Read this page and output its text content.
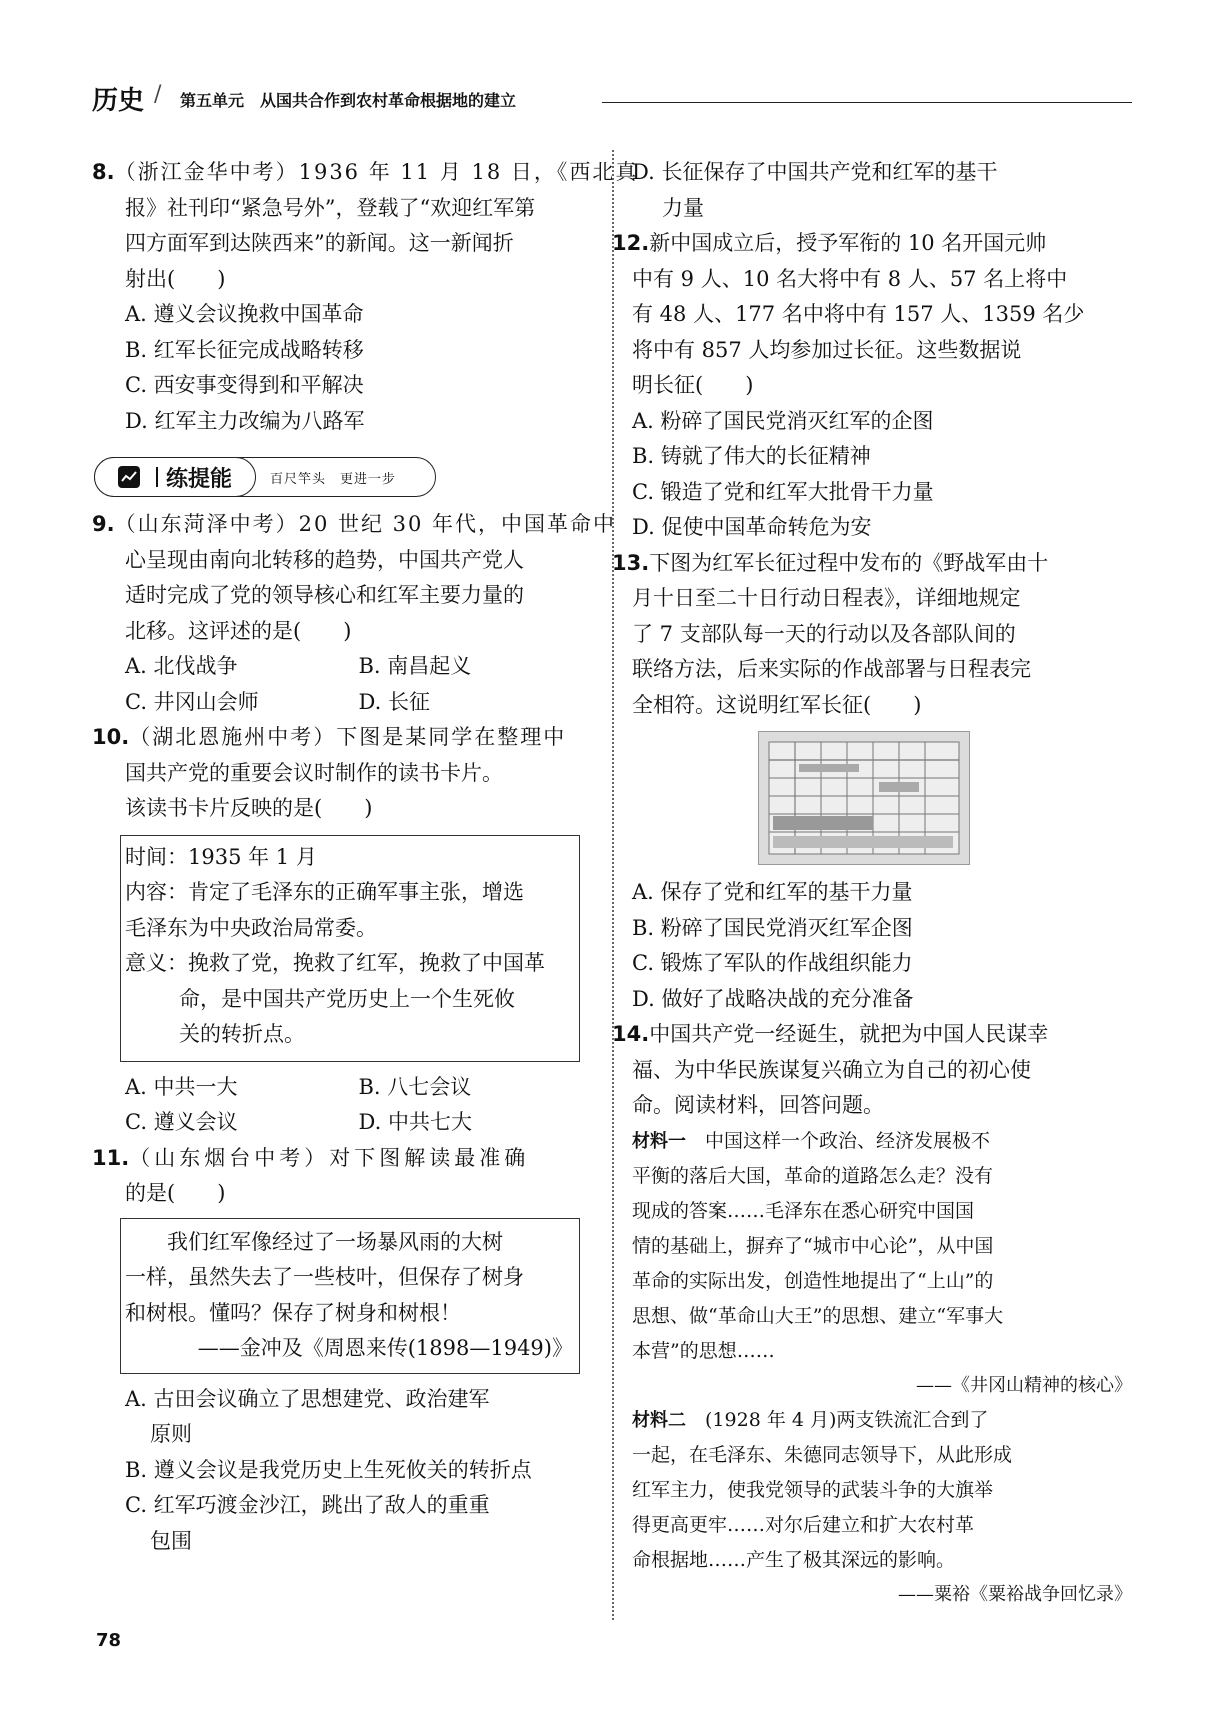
历史 / 第五单元 从国共合作到农村革命根据地的建立
8.（浙江金华中考）1936 年 11 月 18 日，《西北真
报》社刊印“紧急号外”，登载了“欢迎红军第
四方面军到达陕西来”的新闻。这一新闻折
射出(　　)
A. 遵义会议挽救中国革命
B. 红军长征完成战略转移
C. 西安事变得到和平解决
D. 红军主力改编为八路军
练提能	百尺竿头　更进一步
9.（山东菏泽中考）20 世纪 30 年代，中国革命中
心呈现由南向北转移的趋势，中国共产党人
适时完成了党的领导核心和红军主要力量的
北移。这评述的是(　　)
A. 北伐战争	B. 南昌起义
C. 井冈山会师	D. 长征
10.（湖北恩施州中考）下图是某同学在整理中
国共产党的重要会议时制作的读书卡片。
该读书卡片反映的是(　　)
时间：1935 年 1 月
内容：肯定了毛泽东的正确军事主张，增选
毛泽东为中央政治局常委。
意义：挽救了党，挽救了红军，挽救了中国革
命，是中国共产党历史上一个生死攸
关的转折点。
A. 中共一大	B. 八七会议
C. 遵义会议	D. 中共七大
11.（山东烟台中考）对下图解读最准确
的是(　　)
我们红军像经过了一场暴风雨的大树
一样，虽然失去了一些枝叶，但保存了树身
和树根。懂吗？保存了树身和树根！
——金冲及《周恩来传(1898—1949)》
A. 古田会议确立了思想建党、政治建军
原则
B. 遵义会议是我党历史上生死攸关的转折点
C. 红军巧渡金沙江，跳出了敌人的重重
包围
D. 长征保存了中国共产党和红军的基干
力量
12.新中国成立后，授予军衔的 10 名开国元帅
中有 9 人、10 名大将中有 8 人、57 名上将中
有 48 人、177 名中将中有 157 人、1359 名少
将中有 857 人均参加过长征。这些数据说
明长征(　　)
A. 粉碎了国民党消灭红军的企图
B. 铸就了伟大的长征精神
C. 锻造了党和红军大批骨干力量
D. 促使中国革命转危为安
13.下图为红军长征过程中发布的《野战军由十
月十日至二十日行动日程表》，详细地规定
了 7 支部队每一天的行动以及各部队间的
联络方法，后来实际的作战部署与日程表完
全相符。这说明红军长征(　　)
A. 保存了党和红军的基干力量
B. 粉碎了国民党消灭红军企图
C. 锻炼了军队的作战组织能力
D. 做好了战略决战的充分准备
14.中国共产党一经诞生，就把为中国人民谋幸
福、为中华民族谋复兴确立为自己的初心使
命。阅读材料，回答问题。
材料一　 中国这样一个政治、经济发展极不
平衡的落后大国，革命的道路怎么走？没有
现成的答案……毛泽东在悉心研究中国国
情的基础上，摒弃了“城市中心论”，从中国
革命的实际出发，创造性地提出了“上山”的
思想、做“革命山大王”的思想、建立“军事大
本营”的思想……
——《井冈山精神的核心》
材料二　 (1928 年 4 月)两支铁流汇合到了
一起，在毛泽东、朱德同志领导下，从此形成
红军主力，使我党领导的武装斗争的大旗举
得更高更牢……对尔后建立和扩大农村革
命根据地……产生了极其深远的影响。
——粟裕《粟裕战争回忆录》
78
